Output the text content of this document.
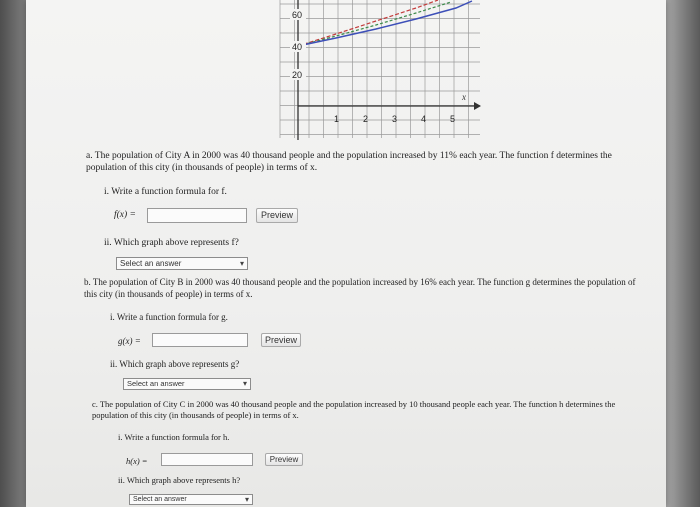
60
40
20
1	2	3	4	5
x
a. The population of City A in 2000 was 40 thousand people and the population increased by 11% each year. The function f determines the population of this city (in thousands of people) in terms of x.
i. Write a function formula for f.
f(x) =	Preview
ii. Which graph above represents f?
Select an answer	▾
b. The population of City B in 2000 was 40 thousand people and the population increased by 16% each year. The function g determines the population of this city (in thousands of people) in terms of x.
i. Write a function formula for g.
g(x) =	Preview
ii. Which graph above represents g?
Select an answer	▾
c. The population of City C in 2000 was 40 thousand people and the population increased by 10 thousand people each year. The function h determines the population of this city (in thousands of people) in terms of x.
i. Write a function formula for h.
h(x) =	Preview
ii. Which graph above represents h?
Select an answer	▾
